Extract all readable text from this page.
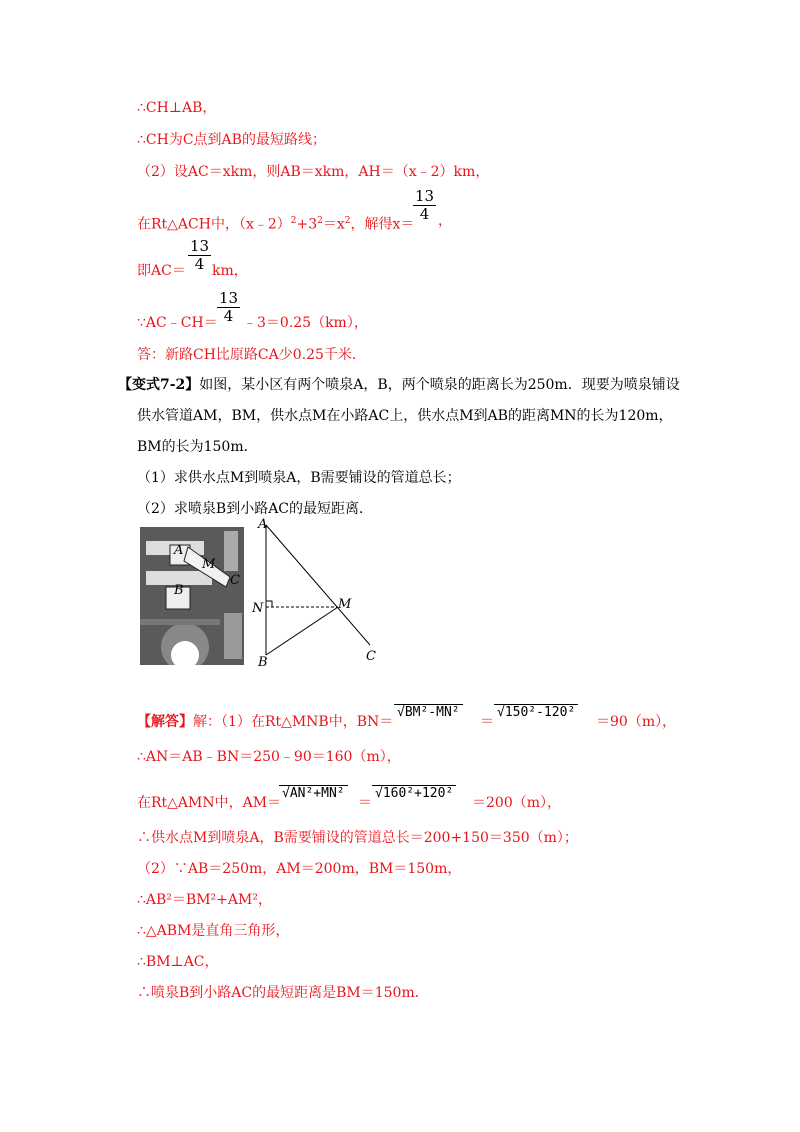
∴CH⊥AB，
∴CH为C点到AB的最短路线；
（2）设AC＝xkm，则AB＝xkm，AH＝（x﹣2）km，
在Rt△ACH中，$(x﹣2)^2+3^2=x^2$，解得x＝
$\frac{13}{4}$ ，
即$AC= \frac{13}{4}$ km，
∵AC﹣CH＝ $\frac{13}{4}$ ﹣3＝0.25（km），
答：新路CH比原路CA少0.25千米．
【变式7-2】如图，某小区有两个喷泉A，B，两个喷泉的距离长为250m．现要为喷泉铺设
供水管道AM，BM，供水点M在小路AC上，供水点M到AB的距离MN的长为120m，
BM的长为150m．
（1）求供水点M到喷泉A，B需要铺设的管道总长；
（2）求喷泉B到小路AC的最短距离．
A
B
M
C
A
B
N	M
C
【解答】解：（1）在Rt△MNB中，BN＝
√BM²-MN²
＝
√150²-120²
＝90（m），
∴AN＝AB﹣BN＝250﹣90＝160（m），
在Rt△AMN中，AM＝
√AN²+MN²
＝
√160²+120²
＝200（m），
∴供水点M到喷泉A，B需要铺设的管道总长＝200+150＝350（m）；
（2）∵AB＝250m，AM＝200m，BM＝150m，
∴AB²＝BM²+AM²，
∴△ABM是直角三角形，
∴BM⊥AC，
∴喷泉B到小路AC的最短距离是BM＝150m．
